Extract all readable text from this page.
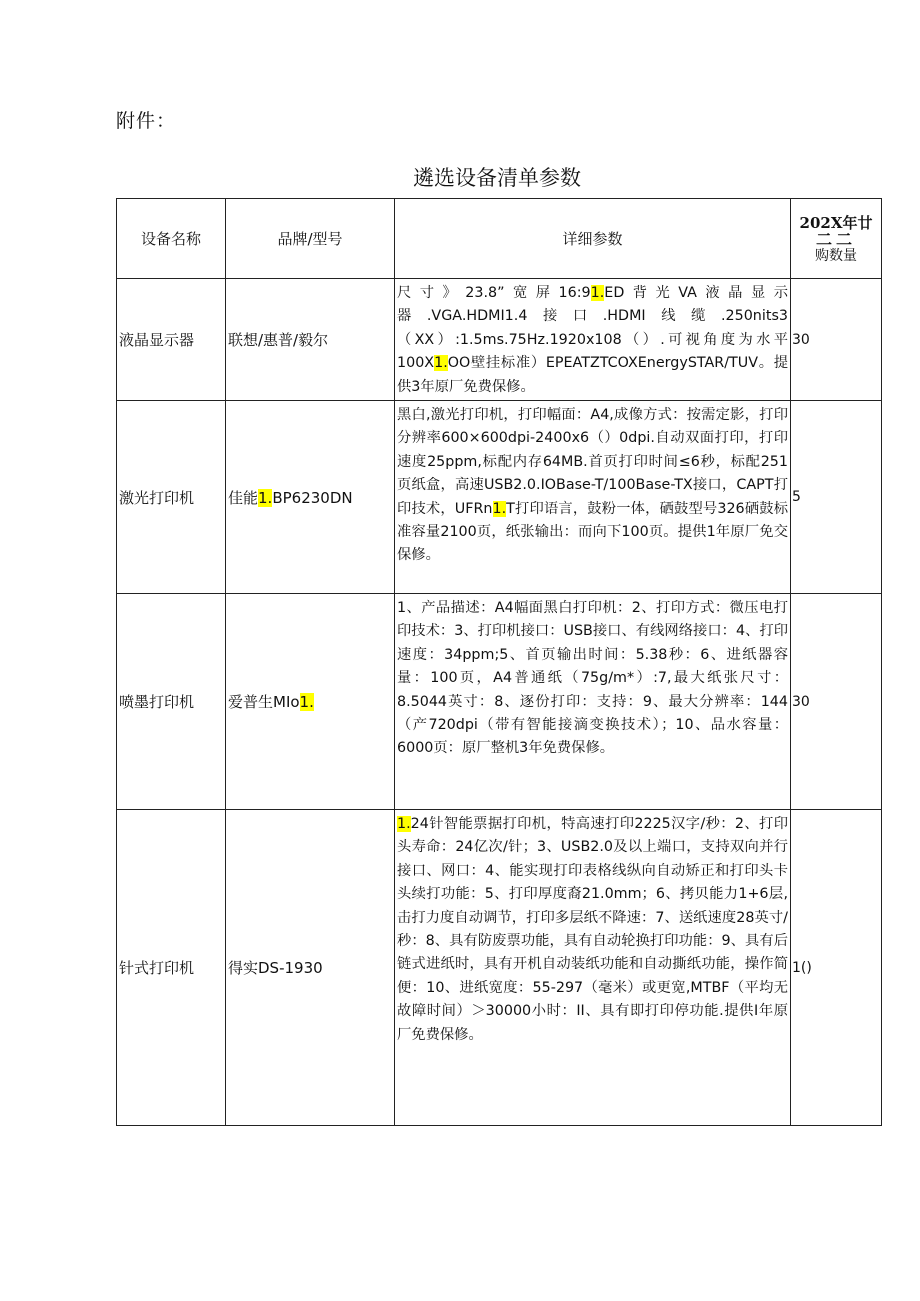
附件：
遴选设备清单参数
设备名称	品牌/型号	详细参数	202X年廿
二二
购数量
液晶显示器	联想/惠普/毅尔	尺寸》23.8”宽屏16:91.ED背光VA液晶显示器.VGA.HDMI1.4接口.HDMI线缆.250nits3（XX）:1.5ms.75Hz.1920x108（）.可视角度为水平100X1.OO壁挂标准）EPEATZTCOXEnergySTAR/TUV。提供3年原厂免费保修。	30
激光打印机	佳能1.BP6230DN	黑白,激光打印机，打印幅面：A4,成像方式：按需定影，打印分辨率600×600dpi-2400x6（）0dpi.自动双面打印，打印速度25ppm,标配内存64MB.首页打印时间≤6秒，标配251页纸盒，高速USB2.0.IOBase-T/100Base-TX接口，CAPT打印技术，UFRn1.T打印语言，鼓粉一体，硒鼓型号326硒鼓标准容量2100页，纸张输出：而向下100页。提供1年原厂免交保修。	5
喷墨打印机	爱普生MIo1.	1、产品描述：A4幅面黑白打印机：2、打印方式：微压电打印技术：3、打印机接口：USB接口、有线网络接口：4、打印速度：34ppm;5、首页输出时间：5.38秒：6、进纸器容量：100页，A4普通纸（75g∕m*）:7,最大纸张尺寸：8.5044英寸：8、逐份打印：支持：9、最大分辨率：144（产720dpi（带有智能接滴变换技术）；10、品水容量：6000页：原厂整机3年免费保修。	30
针式打印机	得实DS-1930	1.24针智能票据打印机，特高速打印2225汉字/秒：2、打印头寿命：24亿次/针；3、USB2.0及以上端口，支持双向并行接口、网口：4、能实现打印表格线纵向自动矫正和打印头卡头续打功能：5、打印厚度裔21.0mm；6、拷贝能力1+6层,击打力度自动调节，打印多层纸不降速：7、送纸速度28英寸/秒：8、具有防废票功能，具有自动轮换打印功能：9、具有后链式进纸时，具有开机自动装纸功能和自动撕纸功能，操作简便：10、进纸宽度：55-297（毫米）或更宽,MTBF（平均无故障时间）＞30000小时：II、具有即打印停功能.提供I年原厂免费保修。	1()
